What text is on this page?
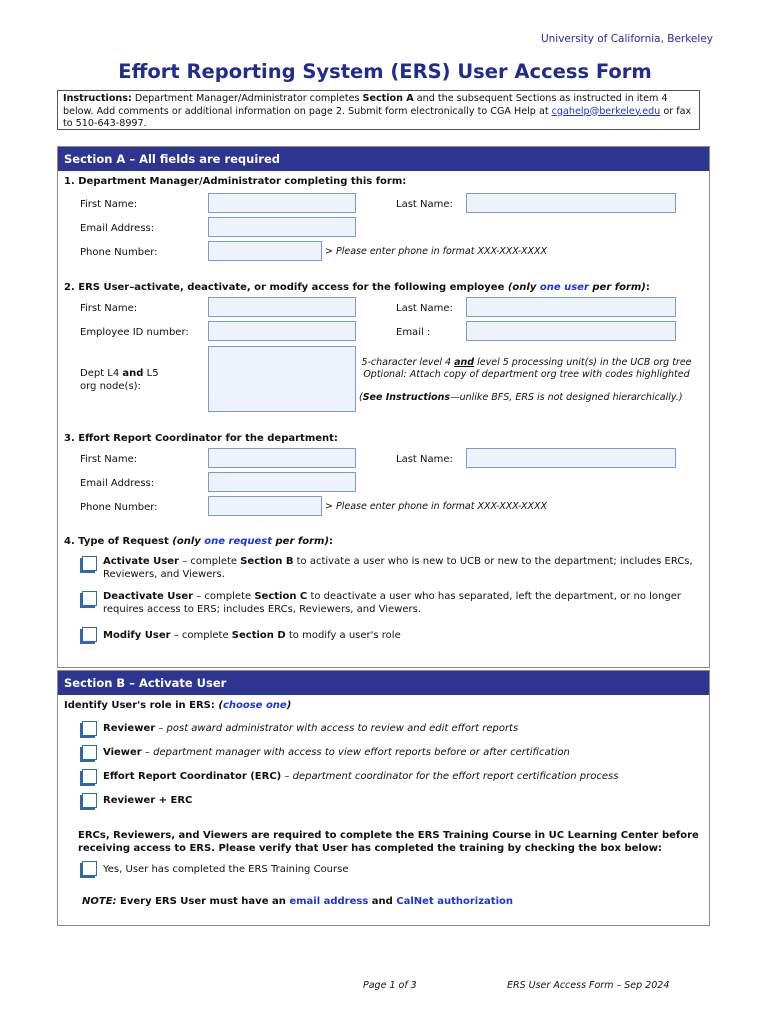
University of California, Berkeley
Effort Reporting System (ERS) User Access Form
Instructions: Department Manager/Administrator completes Section A and the subsequent Sections as instructed in item 4 below. Add comments or additional information on page 2. Submit form electronically to CGA Help at cgahelp@berkeley.edu or fax to 510-643-8997.
Section A – All fields are required
1. Department Manager/Administrator completing this form:
First Name:	Last Name:
Email Address:
Phone Number:	> Please enter phone in format XXX-XXX-XXXX
2. ERS User–activate, deactivate, or modify access for the following employee (only one user per form):
First Name:	Last Name:
Employee ID number:	Email :
Dept L4 and L5
org node(s):
5-character level 4 and level 5 processing unit(s) in the UCB org tree
Optional: Attach copy of department org tree with codes highlighted
(See Instructions—unlike BFS, ERS is not designed hierarchically.)
3. Effort Report Coordinator for the department:
First Name:	Last Name:
Email Address:
Phone Number:	> Please enter phone in format XXX-XXX-XXXX
4. Type of Request (only one request per form):
Activate User – complete Section B to activate a user who is new to UCB or new to the department; includes ERCs, Reviewers, and Viewers.
Deactivate User – complete Section C to deactivate a user who has separated, left the department, or no longer requires access to ERS; includes ERCs, Reviewers, and Viewers.
Modify User – complete Section D to modify a user's role
Section B – Activate User
Identify User's role in ERS: (choose one)
Reviewer – post award administrator with access to review and edit effort reports
Viewer – department manager with access to view effort reports before or after certification
Effort Report Coordinator (ERC) – department coordinator for the effort report certification process
Reviewer + ERC
ERCs, Reviewers, and Viewers are required to complete the ERS Training Course in UC Learning Center before receiving access to ERS. Please verify that User has completed the training by checking the box below:
Yes, User has completed the ERS Training Course
NOTE: Every ERS User must have an email address and CalNet authorization
Page 1 of 3	ERS User Access Form – Sep 2024
